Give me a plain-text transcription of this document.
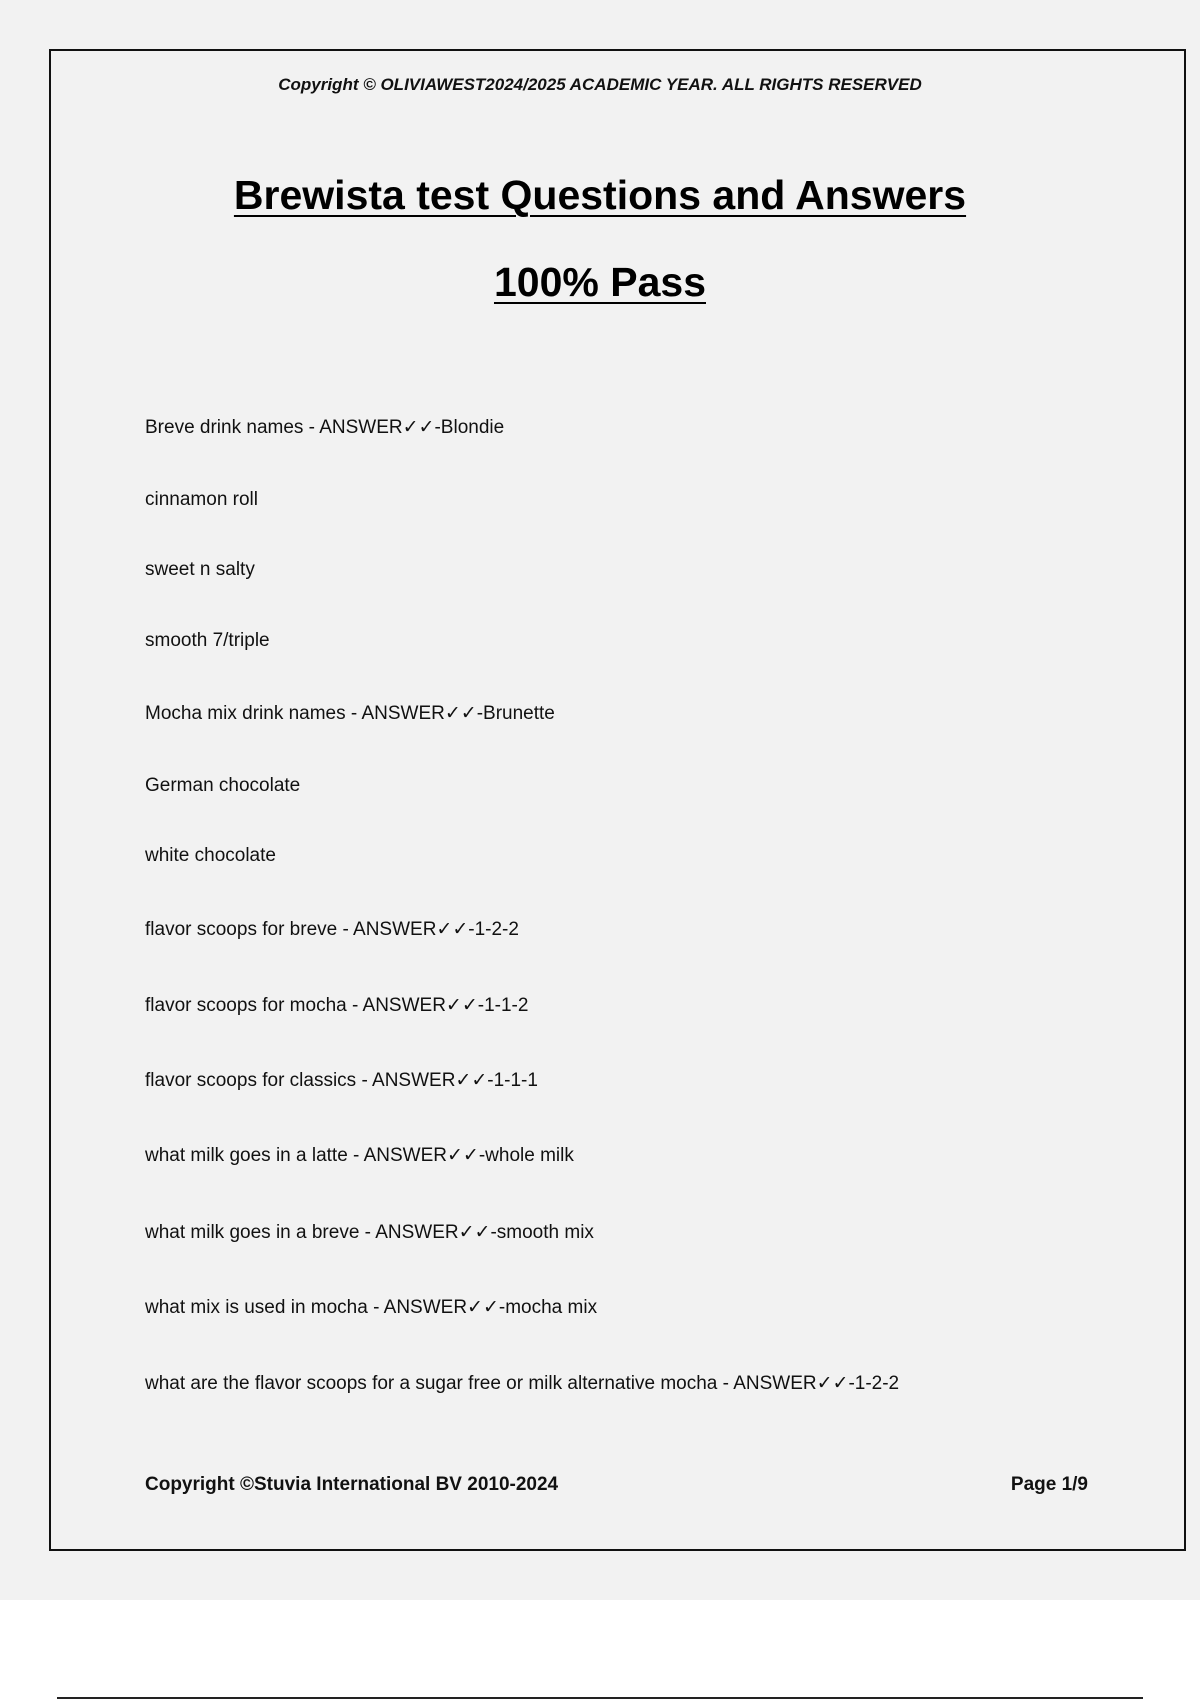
Copyright © OLIVIAWEST2024/2025 ACADEMIC YEAR. ALL RIGHTS RESERVED
Brewista test Questions and Answers
100% Pass
Breve drink names - ANSWER✓✓-Blondie
cinnamon roll
sweet n salty
smooth 7/triple
Mocha mix drink names - ANSWER✓✓-Brunette
German chocolate
white chocolate
flavor scoops for breve - ANSWER✓✓-1-2-2
flavor scoops for mocha - ANSWER✓✓-1-1-2
flavor scoops for classics - ANSWER✓✓-1-1-1
what milk goes in a latte - ANSWER✓✓-whole milk
what milk goes in a breve - ANSWER✓✓-smooth mix
what mix is used in mocha - ANSWER✓✓-mocha mix
what are the flavor scoops for a sugar free or milk alternative mocha - ANSWER✓✓-1-2-2
Copyright ©Stuvia International BV 2010-2024	Page 1/9
